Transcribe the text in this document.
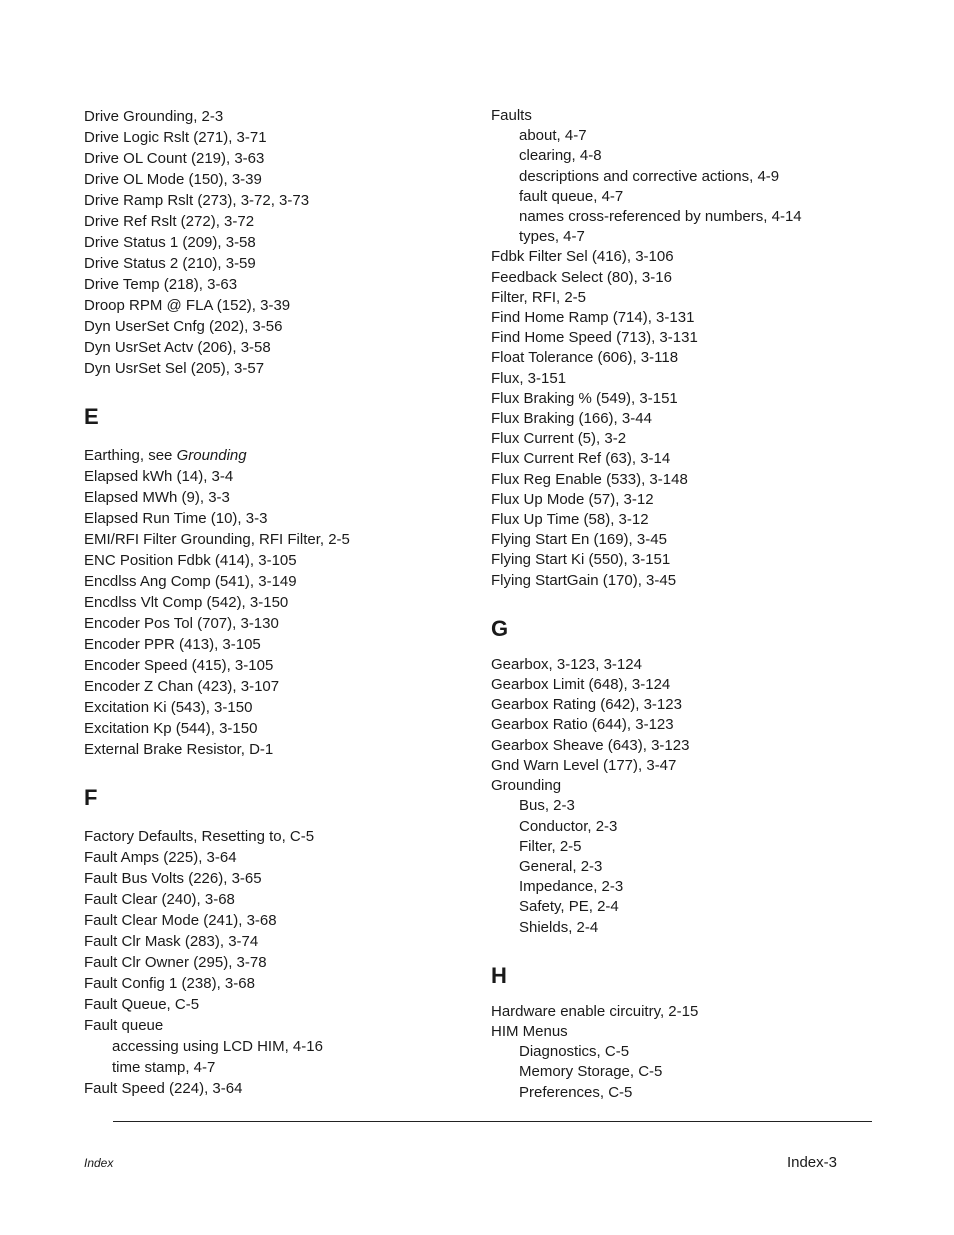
Drive Grounding, 2-3
Drive Logic Rslt (271), 3-71
Drive OL Count (219), 3-63
Drive OL Mode (150), 3-39
Drive Ramp Rslt (273), 3-72, 3-73
Drive Ref Rslt (272), 3-72
Drive Status 1 (209), 3-58
Drive Status 2 (210), 3-59
Drive Temp (218), 3-63
Droop RPM @ FLA (152), 3-39
Dyn UserSet Cnfg (202), 3-56
Dyn UsrSet Actv (206), 3-58
Dyn UsrSet Sel (205), 3-57
E
Earthing, see Grounding
Elapsed kWh (14), 3-4
Elapsed MWh (9), 3-3
Elapsed Run Time (10), 3-3
EMI/RFI Filter Grounding, RFI Filter, 2-5
ENC Position Fdbk (414), 3-105
Encdlss Ang Comp (541), 3-149
Encdlss Vlt Comp (542), 3-150
Encoder Pos Tol (707), 3-130
Encoder PPR (413), 3-105
Encoder Speed (415), 3-105
Encoder Z Chan (423), 3-107
Excitation Ki (543), 3-150
Excitation Kp (544), 3-150
External Brake Resistor, D-1
F
Factory Defaults, Resetting to, C-5
Fault Amps (225), 3-64
Fault Bus Volts (226), 3-65
Fault Clear (240), 3-68
Fault Clear Mode (241), 3-68
Fault Clr Mask (283), 3-74
Fault Clr Owner (295), 3-78
Fault Config 1 (238), 3-68
Fault Queue, C-5
Fault queue
accessing using LCD HIM, 4-16
time stamp, 4-7
Fault Speed (224), 3-64
Faults
about, 4-7
clearing, 4-8
descriptions and corrective actions, 4-9
fault queue, 4-7
names cross-referenced by numbers, 4-14
types, 4-7
Fdbk Filter Sel (416), 3-106
Feedback Select (80), 3-16
Filter, RFI, 2-5
Find Home Ramp (714), 3-131
Find Home Speed (713), 3-131
Float Tolerance (606), 3-118
Flux, 3-151
Flux Braking % (549), 3-151
Flux Braking (166), 3-44
Flux Current (5), 3-2
Flux Current Ref (63), 3-14
Flux Reg Enable (533), 3-148
Flux Up Mode (57), 3-12
Flux Up Time (58), 3-12
Flying Start En (169), 3-45
Flying Start Ki (550), 3-151
Flying StartGain (170), 3-45
G
Gearbox, 3-123, 3-124
Gearbox Limit (648), 3-124
Gearbox Rating (642), 3-123
Gearbox Ratio (644), 3-123
Gearbox Sheave (643), 3-123
Gnd Warn Level (177), 3-47
Grounding
Bus, 2-3
Conductor, 2-3
Filter, 2-5
General, 2-3
Impedance, 2-3
Safety, PE, 2-4
Shields, 2-4
H
Hardware enable circuitry, 2-15
HIM Menus
Diagnostics, C-5
Memory Storage, C-5
Preferences, C-5
Index	Index-3
